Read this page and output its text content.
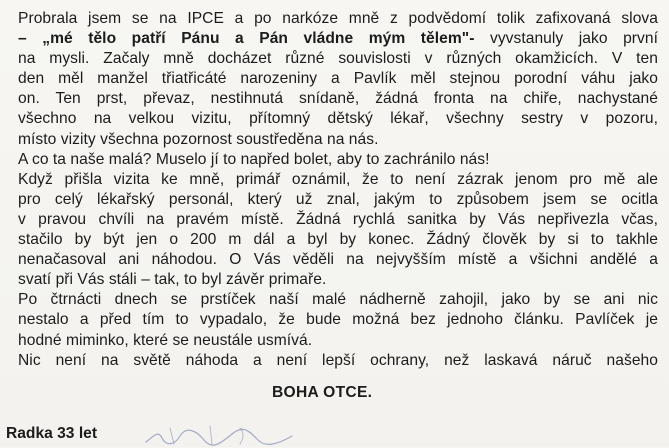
Probrala jsem se na IPCE a po narkóze mně z podvědomí tolik zafixovaná slova
– „mé tělo patří Pánu a Pán vládne mým tělem"- vyvstanuly jako první
na mysli. Začaly mně docházet různé souvislosti v různých okamžicích. V ten
den měl manžel třiatřicáté narozeniny a Pavlík měl stejnou porodní váhu jako
on. Ten prst, převaz, nestihnutá snídaně, žádná fronta na chiře, nachystané
všechno na velkou vizitu, přítomný dětský lékař, všechny sestry v pozoru,
místo vizity všechna pozornost soustředěna na nás.
A co ta naše malá? Muselo jí to napřed bolet, aby to zachránilo nás!
Když přišla vizita ke mně, primář oznámil, že to není zázrak jenom pro mě ale
pro celý lékařský personál, který už znal, jakým to způsobem jsem se ocitla
v pravou chvíli na pravém místě. Žádná rychlá sanitka by Vás nepřivezla včas,
stačilo by být jen o 200 m dál a byl by konec. Žádný člověk by si to takhle
nenačasoval ani náhodou. O Vás věděli na nejvyšším místě a všichni andělé a
svatí při Vás stáli – tak, to byl závěr primaře.
Po čtrnácti dnech se prstíček naší malé nádherně zahojil, jako by se ani nic
nestalo a před tím to vypadalo, že bude možná bez jednoho článku. Pavlíček je
hodné miminko, které se neustále usmívá.
Nic není na světě náhoda a není lepší ochrany, než laskavá náruč našeho
BOHA OTCE.
Radka 33 let
